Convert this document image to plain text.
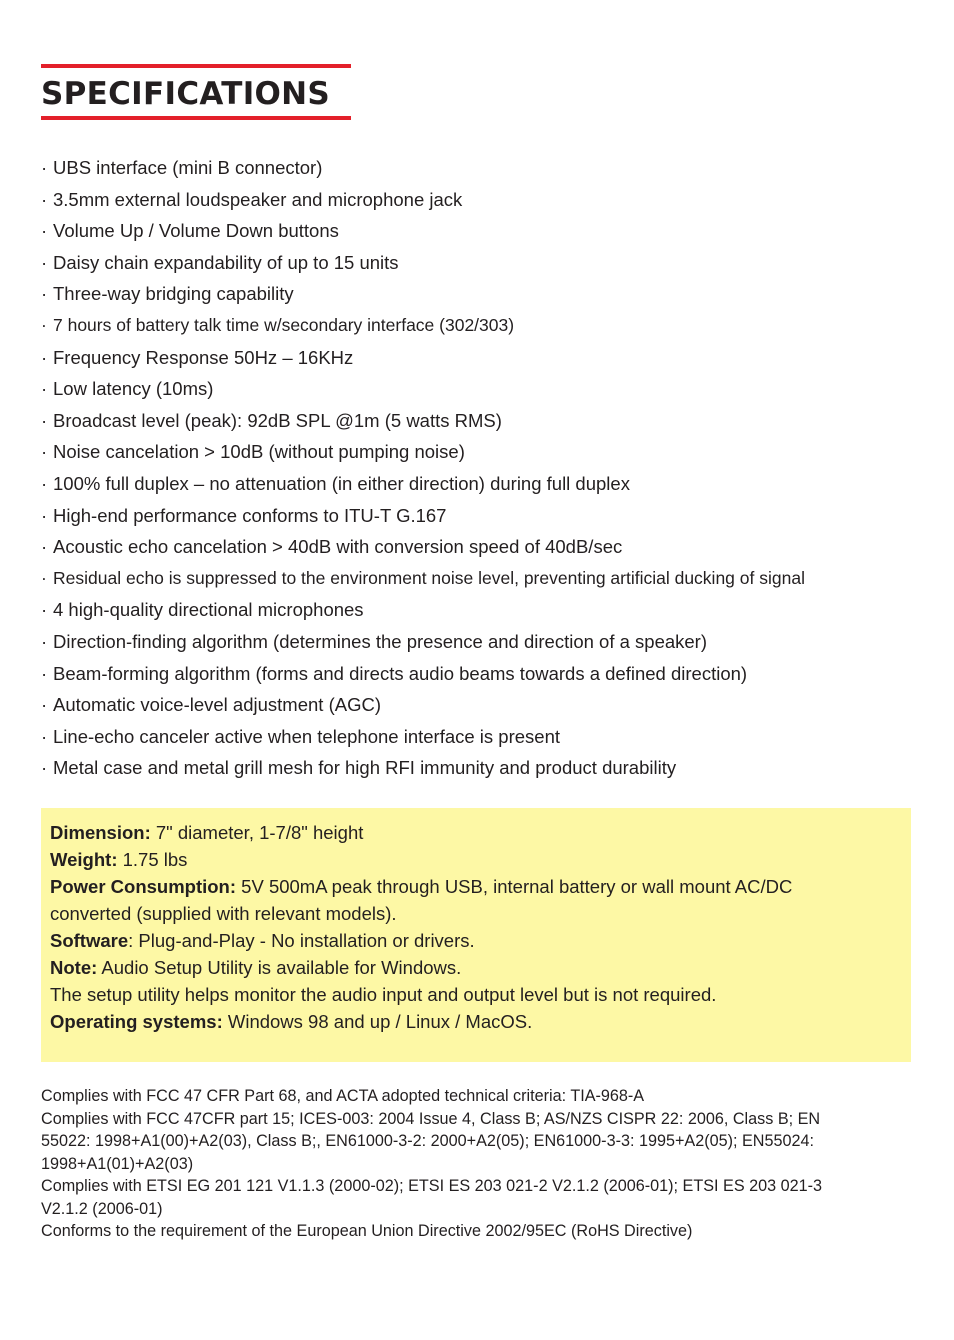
SPECIFICATIONS
· UBS interface (mini B connector)
· 3.5mm external loudspeaker and microphone jack
· Volume Up / Volume Down buttons
· Daisy chain expandability of up to 15 units
· Three-way bridging capability
· 7 hours of battery talk time w/secondary interface (302/303)
· Frequency Response 50Hz – 16KHz
· Low latency (10ms)
· Broadcast level (peak): 92dB SPL @1m (5 watts RMS)
· Noise cancelation > 10dB (without pumping noise)
· 100% full duplex – no attenuation (in either direction) during full duplex
· High-end performance conforms to ITU-T G.167
· Acoustic echo cancelation > 40dB with conversion speed of 40dB/sec
· Residual echo is suppressed to the environment noise level, preventing artificial ducking of signal
· 4 high-quality directional microphones
· Direction-finding algorithm (determines the presence and direction of a speaker)
· Beam-forming algorithm (forms and directs audio beams towards a defined direction)
· Automatic voice-level adjustment (AGC)
· Line-echo canceler active when telephone interface is present
· Metal case and metal grill mesh for high RFI immunity and product durability
Dimension: 7" diameter, 1-7/8" height
Weight: 1.75 lbs
Power Consumption: 5V 500mA peak through USB, internal battery or wall mount AC/DC
converted (supplied with relevant models).
Software: Plug-and-Play - No installation or drivers.
Note: Audio Setup Utility is available for Windows.
The setup utility helps monitor the audio input and output level but is not required.
Operating systems: Windows 98 and up / Linux / MacOS.
Complies with FCC 47 CFR Part 68, and ACTA adopted technical criteria: TIA-968-A
Complies with FCC 47CFR part 15; ICES-003: 2004 Issue 4, Class B; AS/NZS CISPR 22: 2006, Class B; EN
55022: 1998+A1(00)+A2(03), Class B;, EN61000-3-2: 2000+A2(05); EN61000-3-3: 1995+A2(05); EN55024:
1998+A1(01)+A2(03)
Complies with ETSI EG 201 121 V1.1.3 (2000-02); ETSI ES 203 021-2 V2.1.2 (2006-01); ETSI ES 203 021-3
V2.1.2 (2006-01)
Conforms to the requirement of the European Union Directive 2002/95EC (RoHS Directive)
